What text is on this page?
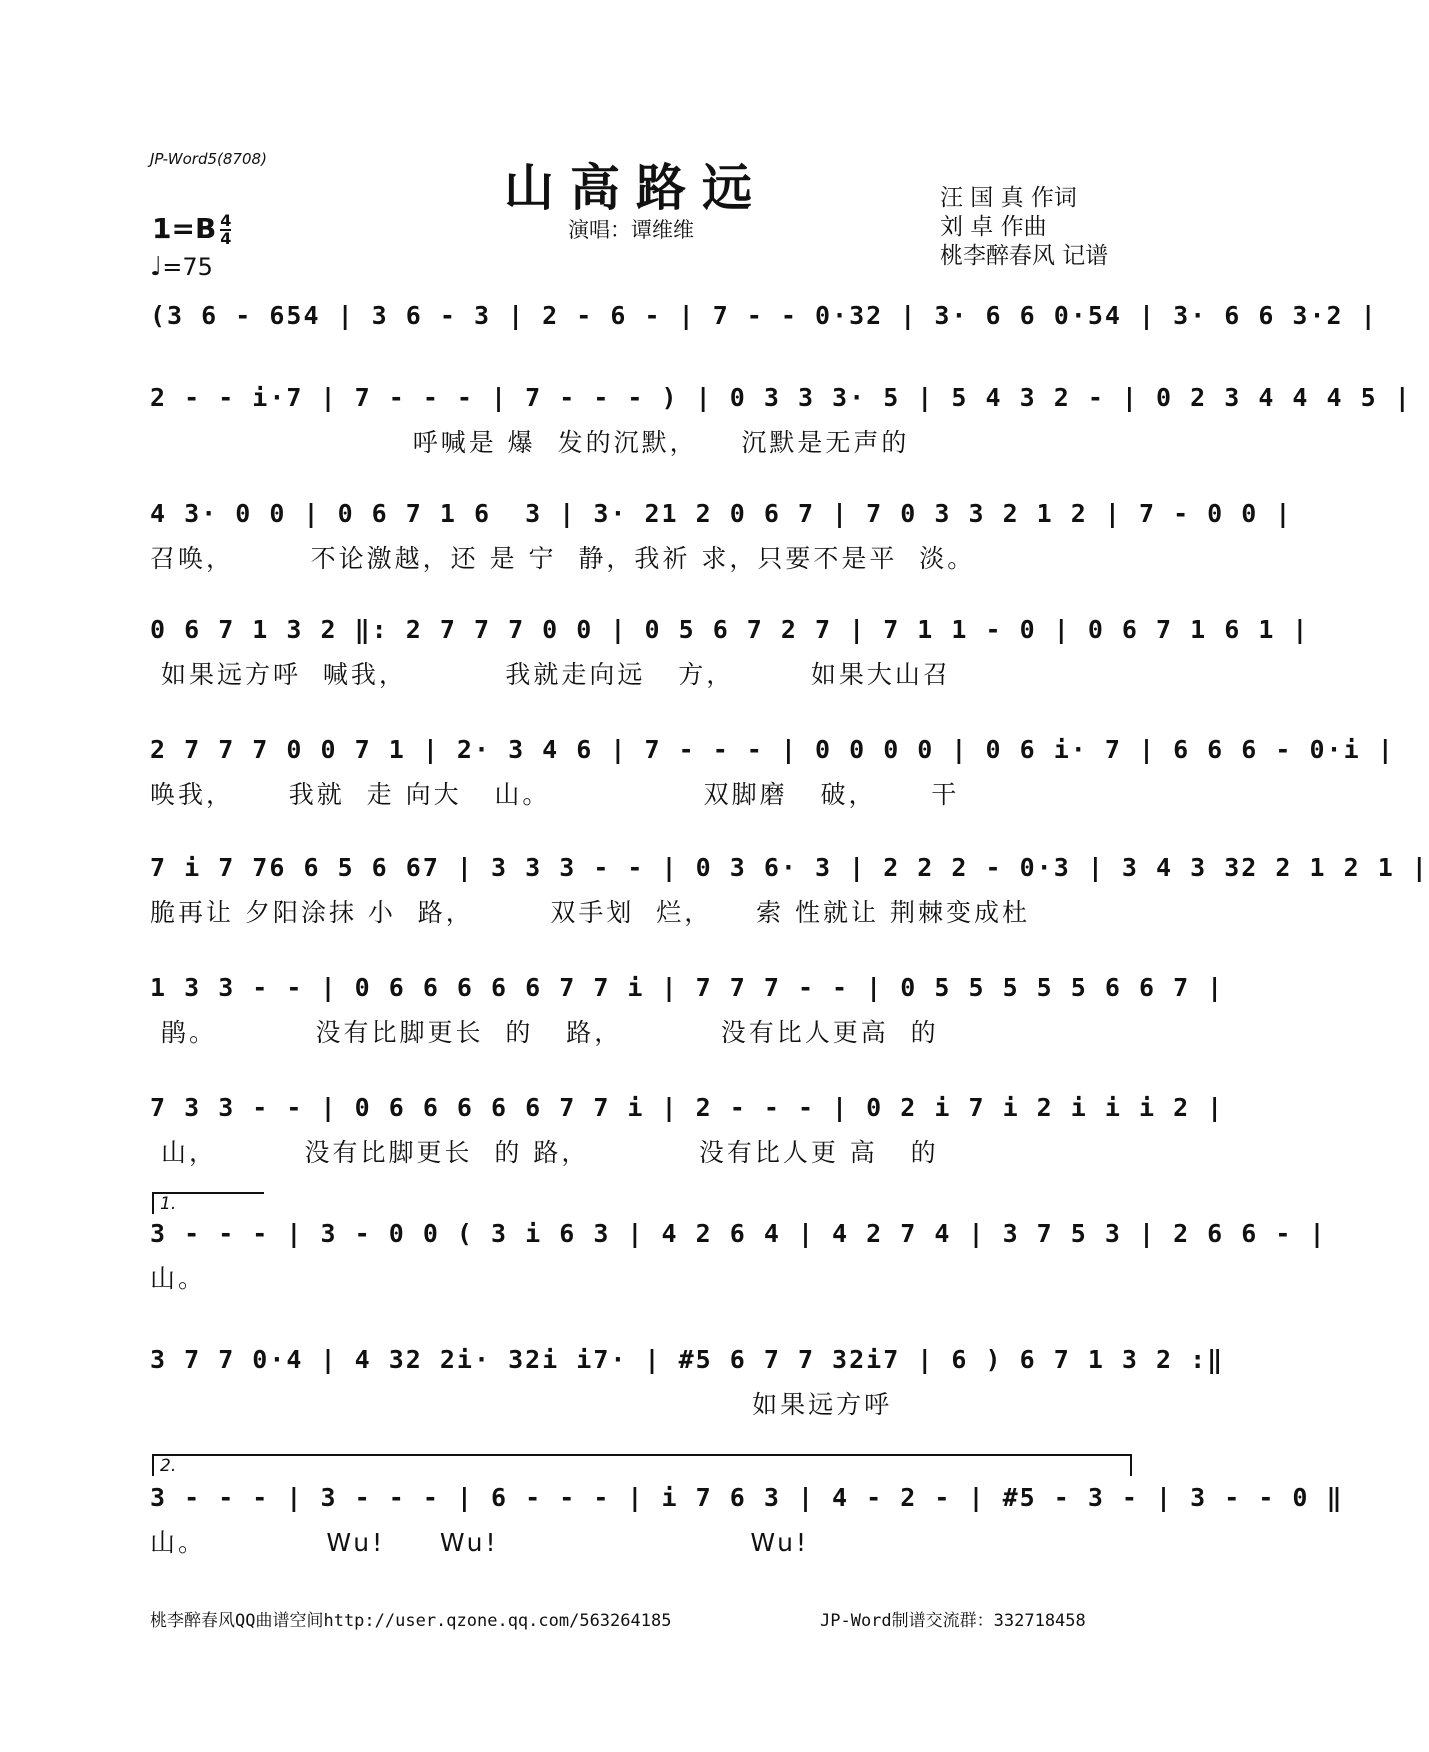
JP-Word5(8708)	山高路远
演唱：谭维维
汪 国 真 作词
刘 卓 作曲
桃李醉春风 记谱
$1=B \frac{4}{4}$
♩=75
(3 6 - 654 | 3 6 - 3 | 2 - 6 - | 7 - - 0·32 | 3· 6 6 0·54 | 3· 6 6 3·2 |
2 - - i·7 | 7 - - - | 7 - - - ) | 0 3 3 3· 5 | 5 4 3 2 - | 0 2 3 4 4 4 5 |
呼喊是 爆  发的沉默，    沉默是无声的
4 3· 0 0 | 0 6 7 1 6  3 | 3· 21 2 0 6 7 | 7 0 3 3 2 1 2 | 7 - 0 0 |
召唤，       不论激越，还 是 宁  静，我祈 求，只要不是平  淡。
0 6 7 1 3 2 ‖: 2 7 7 7 0 0 | 0 5 6 7 2 7 | 7 1 1 - 0 | 0 6 7 1 6 1 |
如果远方呼  喊我，         我就走向远   方，       如果大山召
2 7 7 7 0 0 7 1 | 2· 3 4 6 | 7 - - - | 0 0 0 0 | 0 6 i· 7 | 6 6 6 - 0·i |
唤我，     我就  走 向大   山。              双脚磨   破，     干
7 i 7 76 6 5 6 67 | 3 3 3 - - | 0 3 6· 3 | 2 2 2 - 0·3 | 3 4 3 32 2 1 2 1 |
脆再让 夕阳涂抹 小  路，       双手划  烂，    索 性就让 荆棘变成杜
1 3 3 - - | 0 6 6 6 6 6 7 7 i | 7 7 7 - - | 0 5 5 5 5 5 6 6 7 |
鹃。         没有比脚更长  的   路，         没有比人更高  的
7 3 3 - - | 0 6 6 6 6 6 7 7 i | 2 - - - | 0 2 i 7 i 2 i i i 2 |
山，        没有比脚更长  的 路，          没有比人更 高   的
3 - - - | 3 - 0 0 ( 3 i 6 3 | 4 2 6 4 | 4 2 7 4 | 3 7 5 3 | 2 6 6 - |
山。
3 7 7 0·4 | 4 32 2i· 32i i7· | #5 6 7 7 32i7 | 6 ) 6 7 1 3 2 :‖
如果远方呼
3 - - - | 3 - - - | 6 - - - | i 7 6 3 | 4 - 2 - | #5 - 3 - | 3 - - 0 ‖
山。           Wu!     Wu!                       Wu!
1.
2.
桃李醉春风QQ曲谱空间http://user.qzone.qq.com/563264185	JP-Word制谱交流群：332718458
